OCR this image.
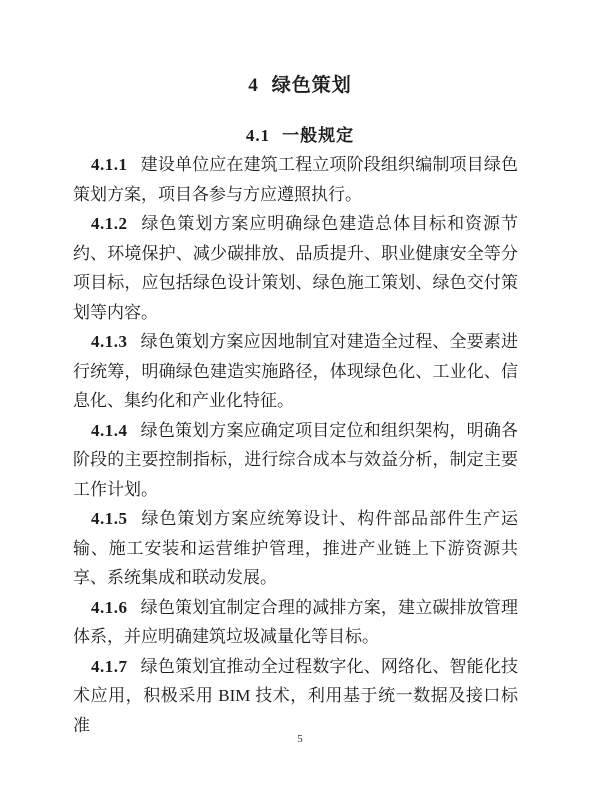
4 绿色策划
4.1 一般规定

4.1.1 建设单位应在建筑工程立项阶段组织编制项目绿色策划方案，项目各参与方应遵照执行。

4.1.2 绿色策划方案应明确绿色建造总体目标和资源节约、环境保护、减少碳排放、品质提升、职业健康安全等分项目标，应包括绿色设计策划、绿色施工策划、绿色交付策划等内容。

4.1.3 绿色策划方案应因地制宜对建造全过程、全要素进行统筹，明确绿色建造实施路径，体现绿色化、工业化、信息化、集约化和产业化特征。

4.1.4 绿色策划方案应确定项目定位和组织架构，明确各阶段的主要控制指标，进行综合成本与效益分析，制定主要工作计划。

4.1.5 绿色策划方案应统筹设计、构件部品部件生产运输、施工安装和运营维护管理，推进产业链上下游资源共享、系统集成和联动发展。

4.1.6 绿色策划宜制定合理的减排方案，建立碳排放管理体系，并应明确建筑垃圾减量化等目标。

4.1.7 绿色策划宜推动全过程数字化、网络化、智能化技术应用，积极采用 BIM 技术，利用基于统一数据及接口标准

5
